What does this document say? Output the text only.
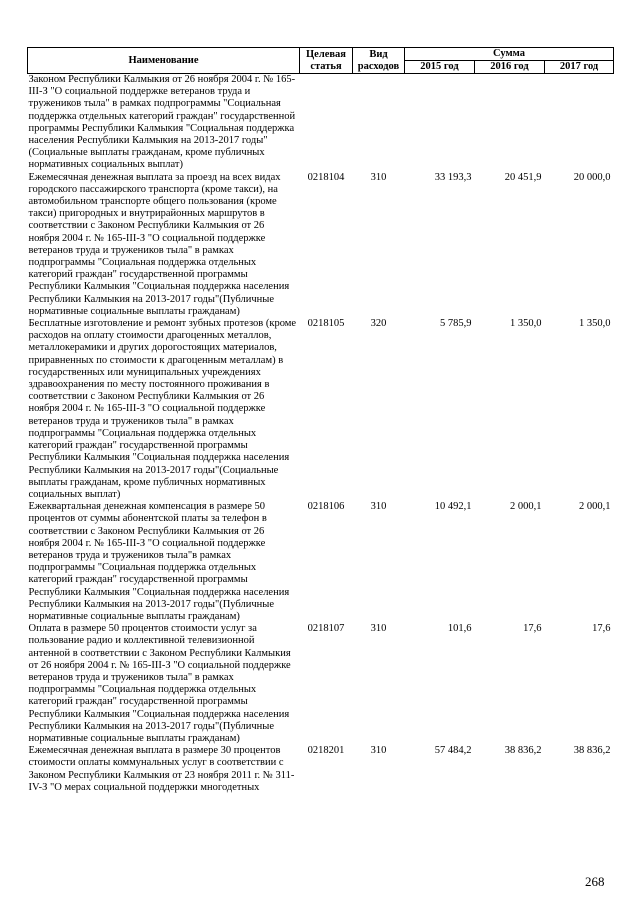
Наименование	Целевая статья	Вид расходов	Сумма		
			2015 год	2016 год	2017 год
Законом Республики Калмыкия от 26 ноября 2004 г. № 165-III-З "О социальной поддержке ветеранов труда и тружеников тыла" в рамках подпрограммы "Социальная поддержка отдельных категорий граждан" государственной программы Республики Калмыкия "Социальная поддержка населения Республики Калмыкия на 2013-2017 годы"(Социальные выплаты гражданам, кроме публичных нормативных социальных выплат)					
Ежемесячная денежная выплата за проезд на всех видах городского пассажирского транспорта (кроме такси), на автомобильном транспорте общего пользования (кроме такси) пригородных и внутрирайонных маршрутов в соответствии с Законом Республики Калмыкия от 26 ноября 2004 г. № 165-III-З "О социальной поддержке ветеранов труда и тружеников тыла" в рамках подпрограммы "Социальная поддержка отдельных категорий граждан" государственной программы Республики Калмыкия "Социальная поддержка населения Республики Калмыкия на 2013-2017 годы"(Публичные нормативные социальные выплаты гражданам)	0218104	310	33 193,3	20 451,9	20 000,0
Бесплатные изготовление и ремонт зубных протезов (кроме расходов на оплату стоимости драгоценных металлов, металлокерамики и других дорогостоящих материалов, приравненных по стоимости к драгоценным металлам) в государственных или муниципальных учреждениях здравоохранения по месту постоянного проживания в соответствии с Законом Республики Калмыкия от 26 ноября 2004 г. № 165-III-З "О социальной поддержке ветеранов труда и тружеников тыла" в рамках подпрограммы "Социальная поддержка отдельных категорий граждан" государственной программы Республики Калмыкия "Социальная поддержка населения Республики Калмыкия на 2013-2017 годы"(Социальные выплаты гражданам, кроме публичных нормативных социальных выплат)	0218105	320	5 785,9	1 350,0	1 350,0
Ежеквартальная денежная компенсация в размере 50 процентов от суммы абонентской платы за телефон в соответствии с Законом Республики Калмыкия от 26 ноября 2004 г. № 165-III-З "О социальной поддержке ветеранов труда и тружеников тыла"в рамках подпрограммы "Социальная поддержка отдельных категорий граждан" государственной программы Республики Калмыкия "Социальная поддержка населения Республики Калмыкия на 2013-2017 годы"(Публичные нормативные социальные выплаты гражданам)	0218106	310	10 492,1	2 000,1	2 000,1
Оплата в размере 50 процентов стоимости услуг за пользование радио и коллективной телевизионной антенной в соответствии с Законом Республики Калмыкия от 26 ноября 2004 г. № 165-III-З "О социальной поддержке ветеранов труда и тружеников тыла" в рамках подпрограммы "Социальная поддержка отдельных категорий граждан" государственной программы Республики Калмыкия "Социальная поддержка населения Республики Калмыкия на 2013-2017 годы"(Публичные нормативные социальные выплаты гражданам)	0218107	310	101,6	17,6	17,6
Ежемесячная денежная выплата в размере 30 процентов стоимости оплаты коммунальных услуг в соответствии с Законом Республики Калмыкия от 23 ноября 2011 г. № 311-IV-З "О мерах социальной поддержки многодетных	0218201	310	57 484,2	38 836,2	38 836,2
268
